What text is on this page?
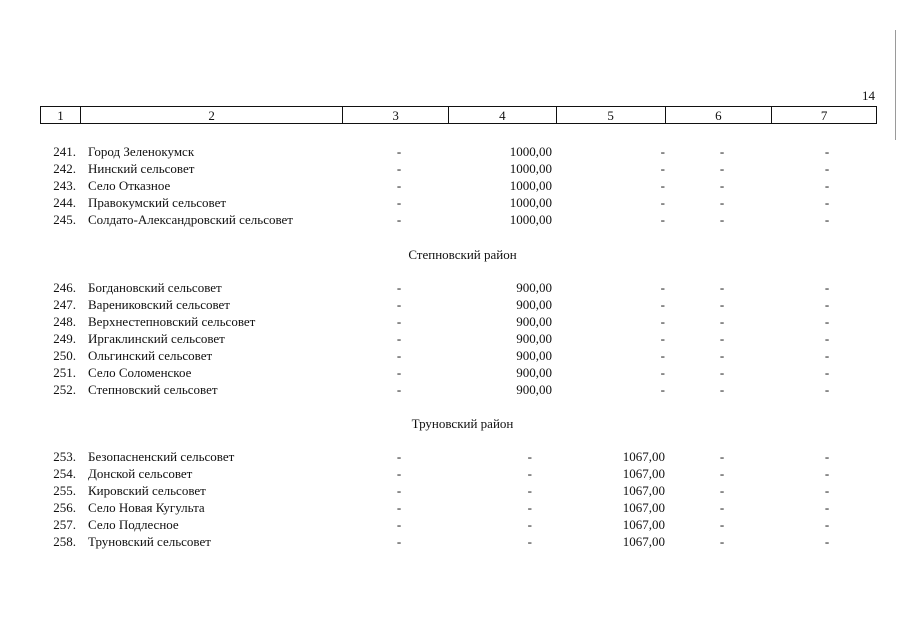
14
1	2	3	4	5	6	7
241. Город Зеленокумск	-	1000,00	-	-	-
242. Нинский сельсовет	-	1000,00	-	-	-
243. Село Отказное	-	1000,00	-	-	-
244. Правокумский сельсовет	-	1000,00	-	-	-
245. Солдато-Александровский сельсовет	-	1000,00	-	-	-
Степновский район
246. Богдановский сельсовет	-	900,00	-	-	-
247. Варениковский сельсовет	-	900,00	-	-	-
248. Верхнестепновский сельсовет	-	900,00	-	-	-
249. Иргаклинский сельсовет	-	900,00	-	-	-
250. Ольгинский сельсовет	-	900,00	-	-	-
251. Село Соломенское	-	900,00	-	-	-
252. Степновский сельсовет	-	900,00	-	-	-
Труновский район
253. Безопасненский сельсовет	-	-	1067,00	-	-
254. Донской сельсовет	-	-	1067,00	-	-
255. Кировский сельсовет	-	-	1067,00	-	-
256. Село Новая Кугульта	-	-	1067,00	-	-
257. Село Подлесное	-	-	1067,00	-	-
258. Труновский сельсовет	-	-	1067,00	-	-
